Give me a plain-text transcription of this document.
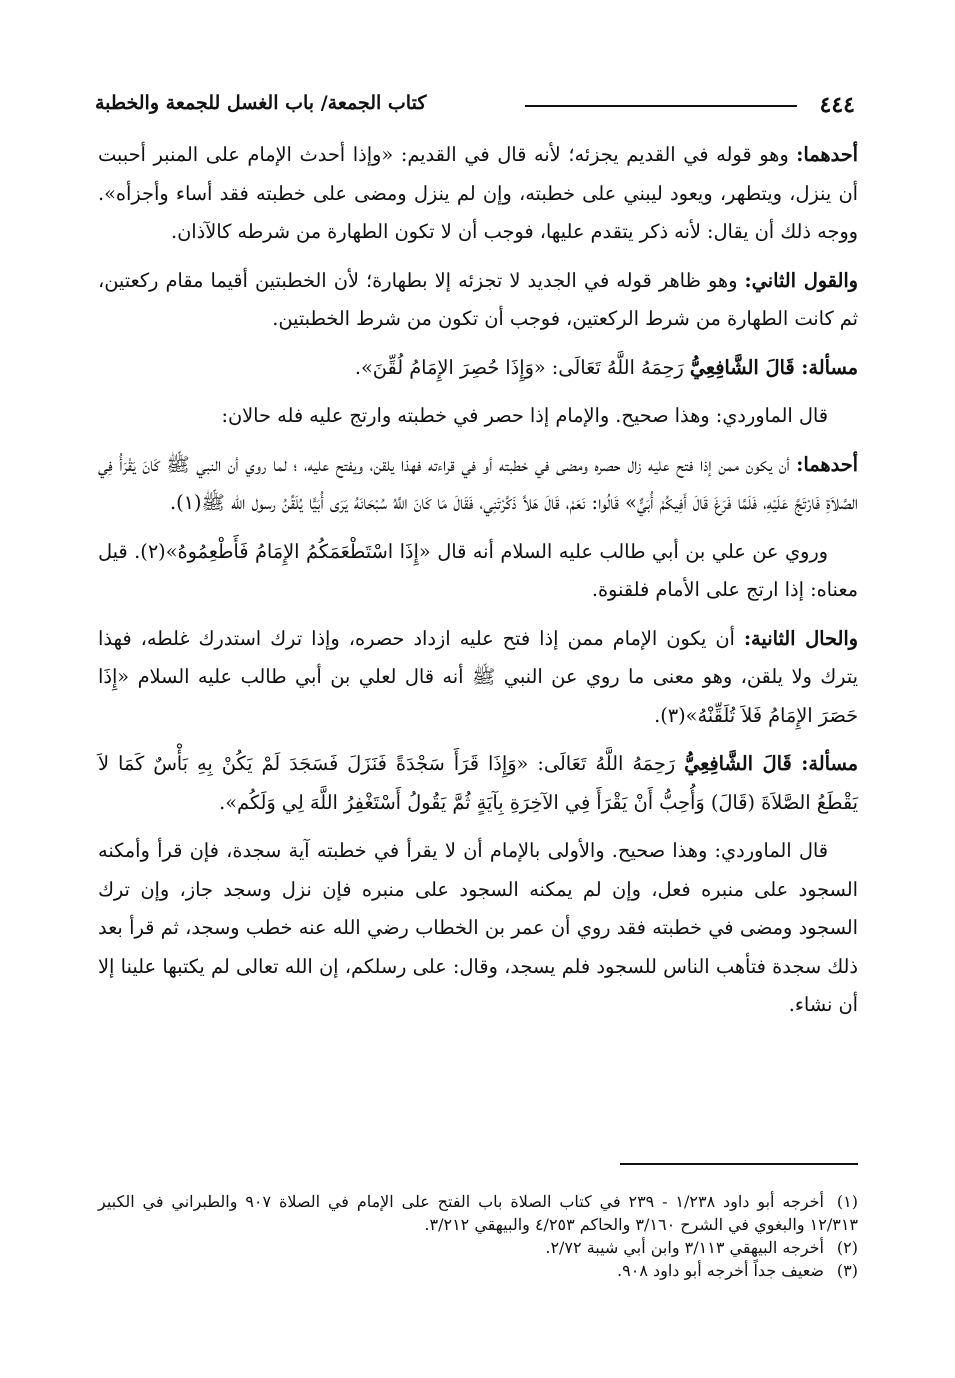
٤٤٤
كتاب الجمعة/ باب الغسل للجمعة والخطبة

أحدهما: وهو قوله في القديم يجزئه؛ لأنه قال في القديم: «وإذا أحدث الإمام على المنبر أحببت أن ينزل، ويتطهر، ويعود ليبني على خطبته، وإن لم ينزل ومضى على خطبته فقد أساء وأجزأه». ووجه ذلك أن يقال: لأنه ذكر يتقدم عليها، فوجب أن لا تكون الطهارة من شرطه كالآذان.

والقول الثاني: وهو ظاهر قوله في الجديد لا تجزئه إلا بطهارة؛ لأن الخطبتين أقيما مقام ركعتين، ثم كانت الطهارة من شرط الركعتين، فوجب أن تكون من شرط الخطبتين.

مسألة: قَالَ الشَّافِعِيُّ رَحِمَهُ اللَّهُ تَعَالَى: «وَإِذَا حُصِرَ الإِمَامُ لُقِّنَ».

قال الماوردي: وهذا صحيح. والإمام إذا حصر في خطبته وارتج عليه فله حالان:

أحدهما: أن يكون ممن إذا فتح عليه زال حصره ومضى في خطبته أو في قراءته فهذا يلقن، ويفتح عليه، ؛ لما روي أن النبي ﷺ كَانَ يَقْرَأُ فِي الصَّلاَةِ فَارْتَجَّ عَلَيْهِ، فَلَمَّا فَرَغَ قَالَ أَفِيكُمْ أُبَيٌّ» قَالُوا: نَعَمْ، قَالَ هَلاَّ ذَكَّرْتَنِي، فَقَالَ مَا كَانَ اللَّهُ سُبْحَانَهُ يَرَى أُبَيًّا يُلَقِّنُ رسول الله ﷺ(١).

وروي عن علي بن أبي طالب عليه السلام أنه قال «إِذَا اسْتَطْعَمَكُمُ الإِمَامُ فَأَطْعِمُوهُ»(٢). قيل معناه: إذا ارتج على الأمام فلقنوة.

والحال الثانية: أن يكون الإمام ممن إذا فتح عليه ازداد حصره، وإذا ترك استدرك غلطه، فهذا يترك ولا يلقن، وهو معنى ما روي عن النبي ﷺ أنه قال لعلي بن أبي طالب عليه السلام «إِذَا حَصَرَ الإِمَامُ فَلاَ تُلَقِّنْهُ»(٣).

مسألة: قَالَ الشَّافِعِيُّ رَحِمَهُ اللَّهُ تَعَالَى: «وَإِذَا قَرَأَ سَجْدَةً فَنَزَلَ فَسَجَدَ لَمْ يَكُنْ بِهِ بَأْسٌ كَمَا لاَ يَقْطَعُ الصَّلاَةَ (قَالَ) وَأُحِبُّ أَنْ يَقْرَأَ فِي الآخِرَةِ بِآيَةٍ ثُمَّ يَقُولُ أَسْتَغْفِرُ اللَّهَ لِي وَلَكُم».

قال الماوردي: وهذا صحيح. والأولى بالإمام أن لا يقرأ في خطبته آية سجدة، فإن قرأ وأمكنه السجود على منبره فعل، وإن لم يمكنه السجود على منبره فإن نزل وسجد جاز، وإن ترك السجود ومضى في خطبته فقد روي أن عمر بن الخطاب رضي الله عنه خطب وسجد، ثم قرأ بعد ذلك سجدة فتأهب الناس للسجود فلم يسجد، وقال: على رسلكم، إن الله تعالى لم يكتبها علينا إلا أن نشاء.

(١)أخرجه أبو داود ١/٢٣٨ - ٢٣٩ في كتاب الصلاة باب الفتح على الإمام في الصلاة ٩٠٧ والطبراني في الكبير ١٢/٣١٣ والبغوي في الشرح ٣/١٦٠ والحاكم ٤/٢٥٣ والبيهقي ٣/٢١٢.

(٢)أخرجه البيهقي ٣/١١٣ وابن أبي شيبة ٢/٧٢.

(٣)ضعيف جداً أخرجه أبو داود ٩٠٨.
